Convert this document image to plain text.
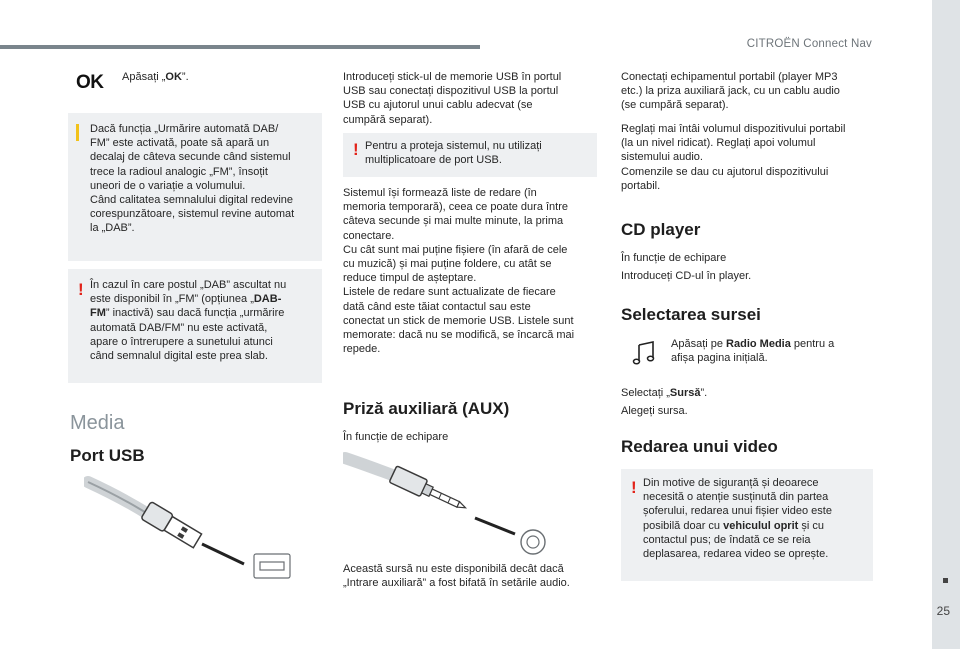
CITROËN Connect Nav
25
OK Apăsați „OK”.

Dacă funcția „Urmărire automată DAB/

FM” este activată, poate să apară un

decalaj de câteva secunde când sistemul

trece la radioul analogic „FM”, însoțit

uneori de o variație a volumului.

Când calitatea semnalului digital redevine

corespunzătoare, sistemul revine automat

la „DAB”.

! În cazul în care postul „DAB” ascultat nu

este disponibil în „FM” (opțiunea „DAB-

FM” inactivă) sau dacă funcția „urmărire

automată DAB/FM” nu este activată,

apare o întrerupere a sunetului atunci

când semnalul digital este prea slab.

Media
Port USB

Introduceți stick-ul de memorie USB în portul

USB sau conectați dispozitivul USB la portul

USB cu ajutorul unui cablu adecvat (se

cumpără separat).

! Pentru a proteja sistemul, nu utilizați

multiplicatoare de port USB.

Sistemul își formează liste de redare (în

memoria temporară), ceea ce poate dura între

câteva secunde și mai multe minute, la prima

conectare.

Cu cât sunt mai puține fișiere (în afară de cele

cu muzică) și mai puține foldere, cu atât se

reduce timpul de așteptare.

Listele de redare sunt actualizate de fiecare

dată când este tăiat contactul sau este

conectat un stick de memorie USB. Listele sunt

memorate: dacă nu se modifică, se încarcă mai

repede.

Priză auxiliară (AUX)
În funcție de echipare

Această sursă nu este disponibilă decât dacă

„Intrare auxiliară” a fost bifată în setările audio.

Conectați echipamentul portabil (player MP3

etc.) la priza auxiliară jack, cu un cablu audio

(se cumpără separat).

Reglați mai întâi volumul dispozitivului portabil

(la un nivel ridicat). Reglați apoi volumul

sistemului audio.

Comenzile se dau cu ajutorul dispozitivului

portabil.

CD player
În funcție de echipare
Introduceți CD-ul în player.
Selectarea sursei

Apăsați pe Radio Media pentru a

afișa pagina inițială.

Selectați „Sursă”.
Alegeți sursa.
Redarea unui video
! Din motive de siguranță și deoarece

necesită o atenție susținută din partea

șoferului, redarea unui fișier video este

posibilă doar cu vehiculul oprit și cu

contactul pus; de îndată ce se reia

deplasarea, redarea video se oprește.
